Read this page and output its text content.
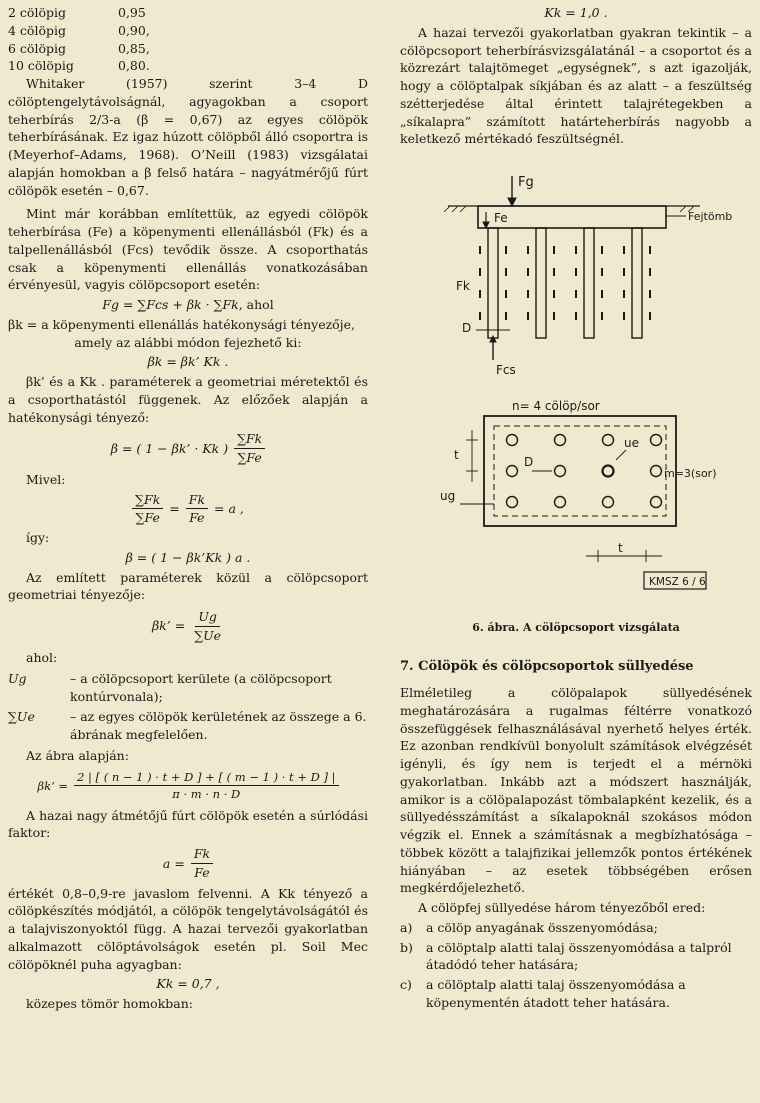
2 cölöpig	0,95
4 cölöpig	0,90,
6 cölöpig	0,85,
10 cölöpig	0,80.

Whitaker (1957) szerint 3–4 D cölöptengelytávolságnál, agyagokban a csoport teherbírás 2/3-a (β = 0,67) az egyes cölöpök teherbírásának. Ez igaz húzott cölöpből álló csoportra is (Meyerhof–Adams, 1968). O’Neill (1983) vizsgálatai alapján homokban a β felső határa – nagyátmérőjű fúrt cölöpök esetén – 0,67.

Mint már korábban említettük, az egyedi cölöpök teherbírása (Fe) a köpenymenti ellenállásból (Fk) és a talpellenállásból (Fcs) tevődik össze. A csoporthatás csak a köpenymenti ellenállás vonatkozásában érvényesül, vagyis cölöpcsoport esetén:

Fg = ∑Fcs + βk · ∑Fk, ahol

βk = a köpenymenti ellenállás hatékonysági tényezője,

amely az alábbi módon fejezhető ki:

βk = βk’ Kk .

βk’ és a Kk . paraméterek a geometriai méretektől és a csoporthatástól függenek. Az előzőek alapján a hatékonysági tényező:

β = ( 1 − βk’ · Kk ) $\frac{\sum Fk}{\sum Fe}$

Mivel:

$\frac{\sum Fk}{\sum Fe} = \frac{Fk}{Fe} = a$ ,

így:

β = ( 1 − βk’Kk ) a .

Az említett paraméterek közül a cölöpcsoport geometriai tényezője:

βk’ = $\frac{Ug}{\sum Ue}$

ahol:

Ug	– a cölöpcsoport kerülete (a cölöpcsoport kontúrvonala);
∑Ue	– az egyes cölöpök kerületének az összege a 6. ábrának megfelelően.

Az ábra alapján:

βk’ = $\frac{2 | [ ( n - 1 ) \cdot t + D ] + [ ( m - 1 ) \cdot t + D ] |}{\pi \cdot m \cdot n \cdot D}$

A hazai nagy átmétőjű fúrt cölöpök esetén a súrlódási faktor:

$a = \frac{Fk}{Fe}$

értékét 0,8–0,9-re javaslom felvenni. A Kk tényező a cölöpkészítés módjától, a cölöpök tengelytávolságától és a talajviszonyoktól függ. A hazai tervezői gyakorlatban alkalmazott cölöptávolságok esetén pl. Soil Mec cölöpöknél puha agyagban:

Kk = 0,7 ,

közepes tömör homokban:

Kk = 1,0 .

A hazai tervezői gyakorlatban gyakran tekintik – a cölöpcsoport teherbírásvizsgálatánál – a csoportot és a közrezárt talajtömeget „egységnek”, s azt igazolják, hogy a cölöptalpak síkjában és az alatt – a feszültség szétterjedése által érintett talajrétegekben a „síkalapra” számított határteherbírás nagyobb a keletkező mértékadó feszültségnél.

Fg
Fe	Fejtömb
Fk
D
Fcs
n= 4 cölöp/sor
t	D
ue
m=3(sor)
ug
t
KMSZ 6 / 6
6. ábra. A cölöpcsoport vizsgálata
7. Cölöpök és cölöpcsoportok süllyedése

Elméletileg a cölöpalapok süllyedésének meghatározására a rugalmas féltérre vonatkozó összefüggések felhasználásával nyerhető helyes érték. Ez azonban rendkívül bonyolult számítások elvégzését igényli, és így nem is terjedt el a mérnöki gyakorlatban. Inkább azt a módszert használják, amikor is a cölöpalapozást tömbalapként kezelik, és a süllyedésszámítást a síkalapoknál szokásos módon végzik el. Ennek a számításnak a megbízhatósága – többek között a talajfizikai jellemzők pontos értékének hiányában – az esetek többségében erősen megkérdőjelezhető.

A cölöpfej süllyedése három tényezőből ered:

a) a cölöp anyagának összenyomódása;
b) a cölöptalp alatti talaj összenyomódása a talpról átadódó teher hatására;
c)	a cölöptalp alatti talaj összenyomódása a köpenymentén átadott teher hatására.
